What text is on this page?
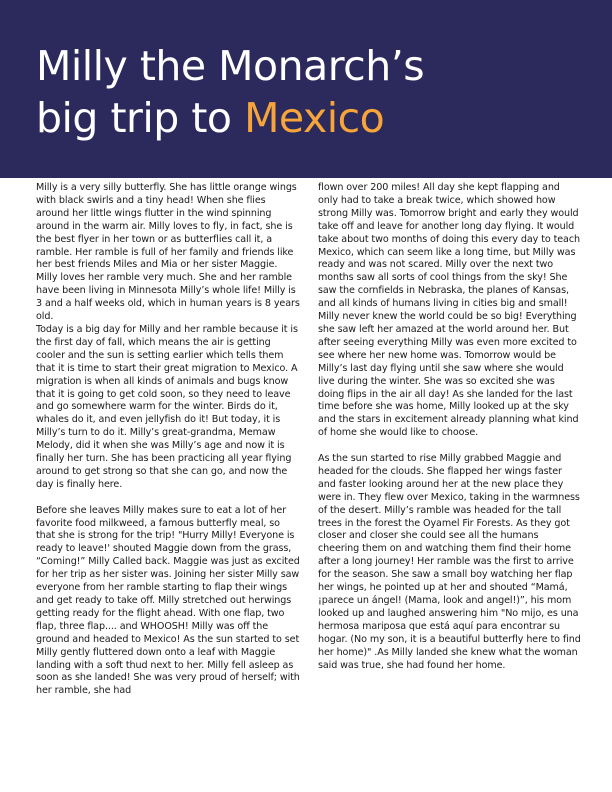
Milly the Monarch’s
big trip to Mexico

Milly is a very silly butterfly. She has little orange wings with black swirls and a tiny head! When she flies around her little wings flutter in the wind spinning around in the warm air. Milly loves to fly, in fact, she is the best flyer in her town or as butterflies call it, a ramble. Her ramble is full of her family and friends like her best friends Miles and Mia or her sister Maggie. Milly loves her ramble very much. She and her ramble have been living in Minnesota Milly’s whole life! Milly is 3 and a half weeks old, which in human years is 8 years old.

Today is a big day for Milly and her ramble because it is the first day of fall, which means the air is getting cooler and the sun is setting earlier which tells them that it is time to start their great migration to Mexico. A migration is when all kinds of animals and bugs know that it is going to get cold soon, so they need to leave and go somewhere warm for the winter. Birds do it, whales do it, and even jellyfish do it! But today, it is Milly’s turn to do it. Milly’s great-grandma, Memaw Melody, did it when she was Milly’s age and now it is finally her turn. She has been practicing all year flying around to get strong so that she can go, and now the day is finally here.

Before she leaves Milly makes sure to eat a lot of her favorite food milkweed, a famous butterfly meal, so that she is strong for the trip! "Hurry Milly! Everyone is ready to leave!' shouted Maggie down from the grass, “Coming!” Milly Called back. Maggie was just as excited for her trip as her sister was. Joining her sister Milly saw everyone from her ramble starting to flap their wings and get ready to take off. Milly stretched out herwings getting ready for the flight ahead. With one flap, two flap, three flap.... and WHOOSH! Milly was off the ground and headed to Mexico! As the sun started to set Milly gently fluttered down onto a leaf with Maggie landing with a soft thud next to her. Milly fell asleep as soon as she landed! She was very proud of herself; with her ramble, she had

flown over 200 miles! All day she kept flapping and only had to take a break twice, which showed how strong Milly was. Tomorrow bright and early they would take off and leave for another long day flying. It would take about two months of doing this every day to teach Mexico, which can seem like a long time, but Milly was ready and was not scared. Milly over the next two months saw all sorts of cool things from the sky! She saw the cornfields in Nebraska, the planes of Kansas, and all kinds of humans living in cities big and small! Milly never knew the world could be so big! Everything she saw left her amazed at the world around her. But after seeing everything Milly was even more excited to see where her new home was. Tomorrow would be Milly’s last day flying until she saw where she would live during the winter. She was so excited she was doing flips in the air all day! As she landed for the last time before she was home, Milly looked up at the sky and the stars in excitement already planning what kind of home she would like to choose.

As the sun started to rise Milly grabbed Maggie and headed for the clouds. She flapped her wings faster and faster looking around her at the new place they were in. They flew over Mexico, taking in the warmness of the desert. Milly’s ramble was headed for the tall trees in the forest the Oyamel Fir Forests. As they got closer and closer she could see all the humans cheering them on and watching them find their home after a long journey! Her ramble was the first to arrive for the season. She saw a small boy watching her flap her wings, he pointed up at her and shouted “Mamá, ¡parece un ángel! (Mama, look and angel!)”, his mom looked up and laughed answering him "No mijo, es una hermosa mariposa que está aquí para encontrar su hogar. (No my son, it is a beautiful butterfly here to find her home)" .As Milly landed she knew what the woman said was true, she had found her home.
